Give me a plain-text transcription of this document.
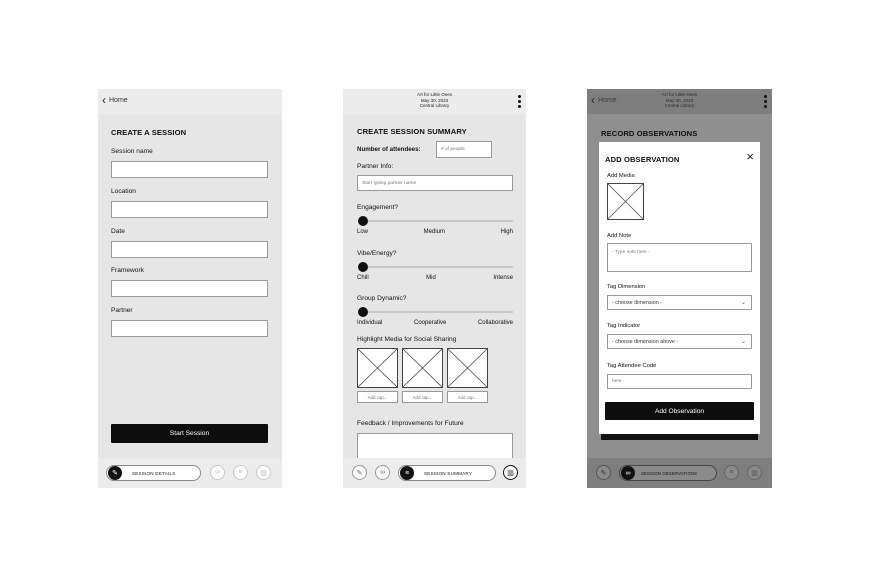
‹ Home
CREATE A SESSION
Session name
Location
Date
Framework
Partner
Start Session
✎	SESSION DETAILS	∞	≡	▥
Art for Little Ones
May 30, 2023
Central Library
CREATE SESSION SUMMARY
Number of attendees:	# of people
Partner Info:
Start typing partner name
Engagement?
Low	Medium	High
Vibe/Energy?
Chill	Mid	Intense
Group Dynamic?
Individual	Cooperative	Collaborative
Highlight Media for Social Sharing
Add cap...	Add cap...	Add cap...
Feedback / Improvements for Future
✎	∞	≡	SESSION SUMMARY	▥
‹ Home
Art for Little Ones
May 30, 2023
Central Library
RECORD OBSERVATIONS
ADD OBSERVATION	×
Add Media
Add Note
- Type note here -
Tag Dimension
- choose dimension -	⌄
Tag Indicator
- choose dimension above -	⌄
Tag Attendee Code
here -
Add Observation
✎	∞	SESSION OBSERVATIONS	≡	▥
